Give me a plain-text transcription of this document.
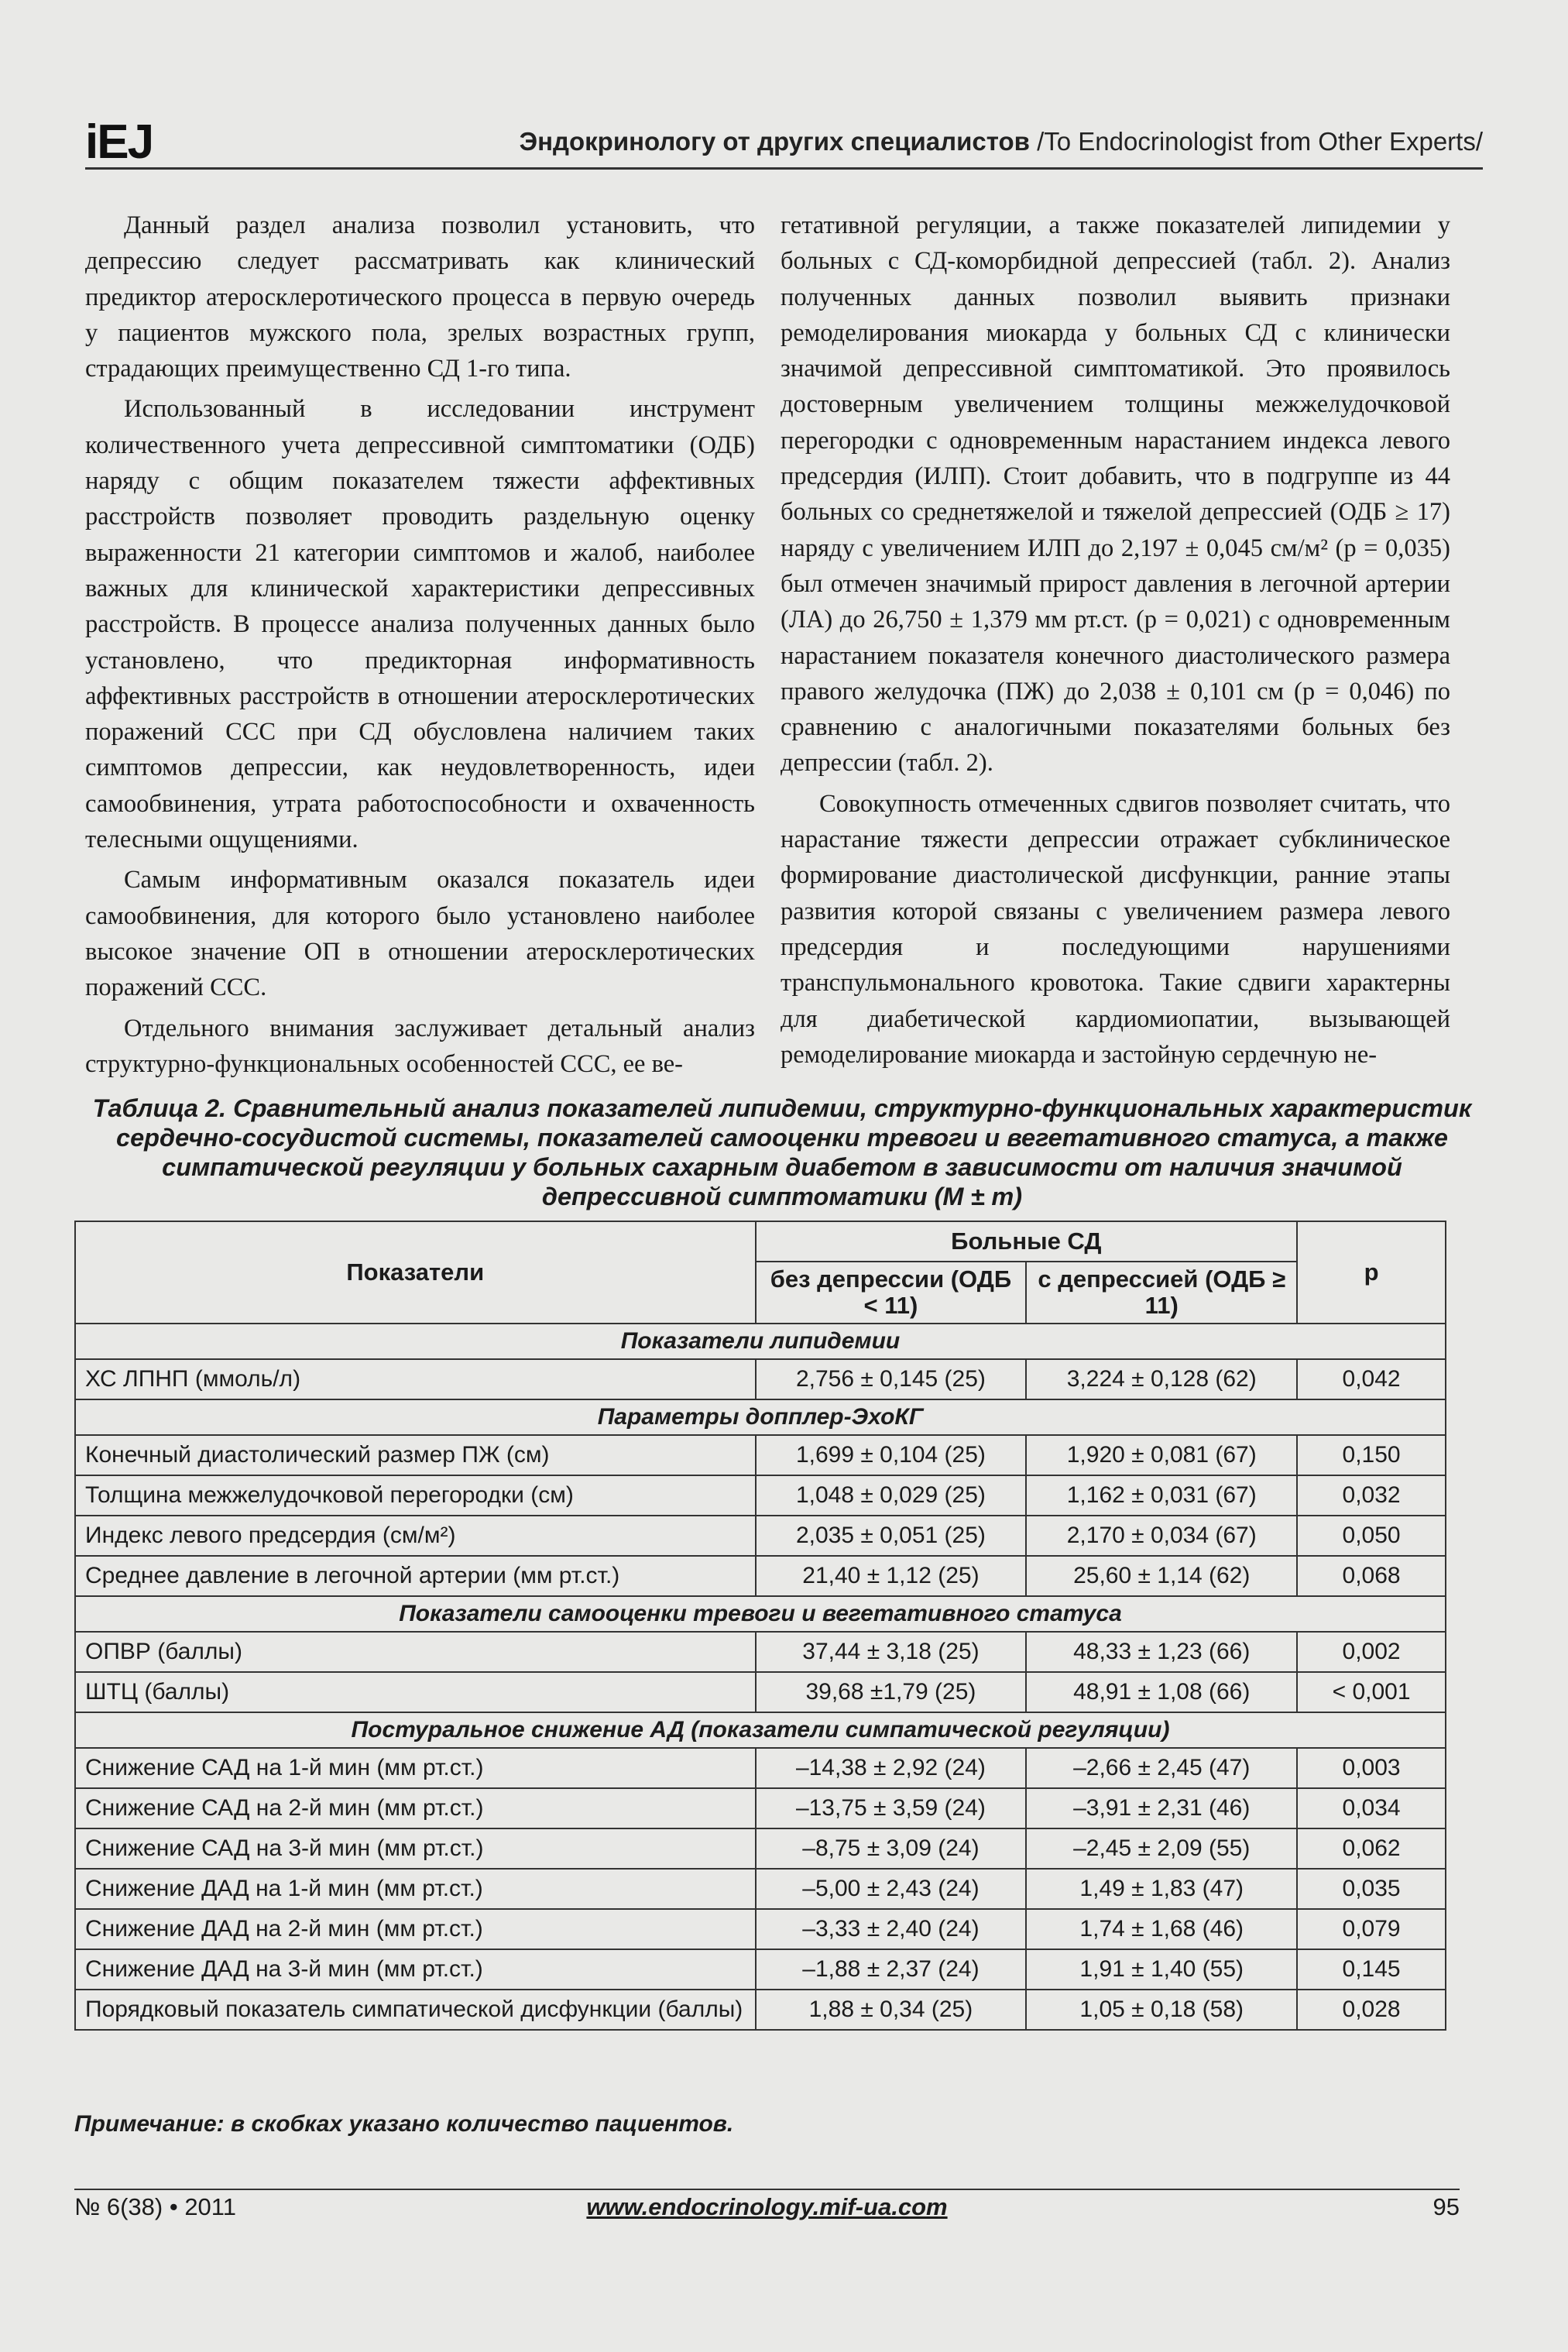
iEJ	Эндокринологу от других специалистов /To Endocrinologist from Other Experts/

Данный раздел анализа позволил установить, что депрессию следует рассматривать как клинический предиктор атеросклеротического процесса в первую очередь у пациентов мужского пола, зрелых возрастных групп, страдающих преимущественно СД 1-го типа.

Использованный в исследовании инструмент количественного учета депрессивной симптоматики (ОДБ) наряду с общим показателем тяжести аффективных расстройств позволяет проводить раздельную оценку выраженности 21 категории симптомов и жалоб, наиболее важных для клинической характеристики депрессивных расстройств. В процессе анализа полученных данных было установлено, что предикторная информативность аффективных расстройств в отношении атеросклеротических поражений ССС при СД обусловлена наличием таких симптомов депрессии, как неудовлетворенность, идеи самообвинения, утрата работоспособности и охваченность телесными ощущениями.

Самым информативным оказался показатель идеи самообвинения, для которого было установлено наиболее высокое значение ОП в отношении атеросклеротических поражений ССС.

Отдельного внимания заслуживает детальный анализ структурно-функциональных особенностей ССС, ее ве-

гетативной регуляции, а также показателей липидемии у больных с СД-коморбидной депрессией (табл. 2). Анализ полученных данных позволил выявить признаки ремоделирования миокарда у больных СД с клинически значимой депрессивной симптоматикой. Это проявилось достоверным увеличением толщины межжелудочковой перегородки с одновременным нарастанием индекса левого предсердия (ИЛП). Стоит добавить, что в подгруппе из 44 больных со среднетяжелой и тяжелой депрессией (ОДБ ≥ 17) наряду с увеличением ИЛП до 2,197 ± 0,045 см/м² (р = 0,035) был отмечен значимый прирост давления в легочной артерии (ЛА) до 26,750 ± 1,379 мм рт.ст. (р = 0,021) с одновременным нарастанием показателя конечного диастолического размера правого желудочка (ПЖ) до 2,038 ± 0,101 см (р = 0,046) по сравнению с аналогичными показателями больных без депрессии (табл. 2).

Совокупность отмеченных сдвигов позволяет считать, что нарастание тяжести депрессии отражает субклиническое формирование диастолической дисфункции, ранние этапы развития которой связаны с увеличением размера левого предсердия и последующими нарушениями транспульмонального кровотока. Такие сдвиги характерны для диабетической кардиомиопатии, вызывающей ремоделирование миокарда и застойную сердечную не-

Таблица 2. Сравнительный анализ показателей липидемии, структурно-функциональных характеристик сердечно-сосудистой системы, показателей самооценки тревоги и вегетативного статуса, а также симпатической регуляции у больных сахарным диабетом в зависимости от наличия значимой депрессивной симптоматики (M ± m)
Показатели	Больные СД		p
	без депрессии (ОДБ < 11)	с депрессией (ОДБ ≥ 11)	
Показатели липидемии			
ХС ЛПНП (ммоль/л)	2,756 ± 0,145 (25)	3,224 ± 0,128 (62)	0,042
Параметры допплер-ЭхоКГ			
Конечный диастолический размер ПЖ (см)	1,699 ± 0,104 (25)	1,920 ± 0,081 (67)	0,150
Толщина межжелудочковой перегородки (см)	1,048 ± 0,029 (25)	1,162 ± 0,031 (67)	0,032
Индекс левого предсердия (см/м²)	2,035 ± 0,051 (25)	2,170 ± 0,034 (67)	0,050
Среднее давление в легочной артерии (мм рт.ст.)	21,40 ± 1,12 (25)	25,60 ± 1,14 (62)	0,068
Показатели самооценки тревоги и вегетативного статуса			
ОПВР (баллы)	37,44 ± 3,18 (25)	48,33 ± 1,23 (66)	0,002
ШТЦ (баллы)	39,68 ±1,79 (25)	48,91 ± 1,08 (66)	< 0,001
Постуральное снижение АД (показатели симпатической регуляции)			
Снижение САД на 1-й мин (мм рт.ст.)	–14,38 ± 2,92 (24)	–2,66 ± 2,45 (47)	0,003
Снижение САД на 2-й мин (мм рт.ст.)	–13,75 ± 3,59 (24)	–3,91 ± 2,31 (46)	0,034
Снижение САД на 3-й мин (мм рт.ст.)	–8,75 ± 3,09 (24)	–2,45 ± 2,09 (55)	0,062
Снижение ДАД на 1-й мин (мм рт.ст.)	–5,00 ± 2,43 (24)	1,49 ± 1,83 (47)	0,035
Снижение ДАД на 2-й мин (мм рт.ст.)	–3,33 ± 2,40 (24)	1,74 ± 1,68 (46)	0,079
Снижение ДАД на 3-й мин (мм рт.ст.)	–1,88 ± 2,37 (24)	1,91 ± 1,40 (55)	0,145
Порядковый показатель симпатической дисфункции (баллы)	1,88 ± 0,34 (25)	1,05 ± 0,18 (58)	0,028
Примечание: в скобках указано количество пациентов.
№ 6(38) • 2011	www.endocrinology.mif-ua.com	95
